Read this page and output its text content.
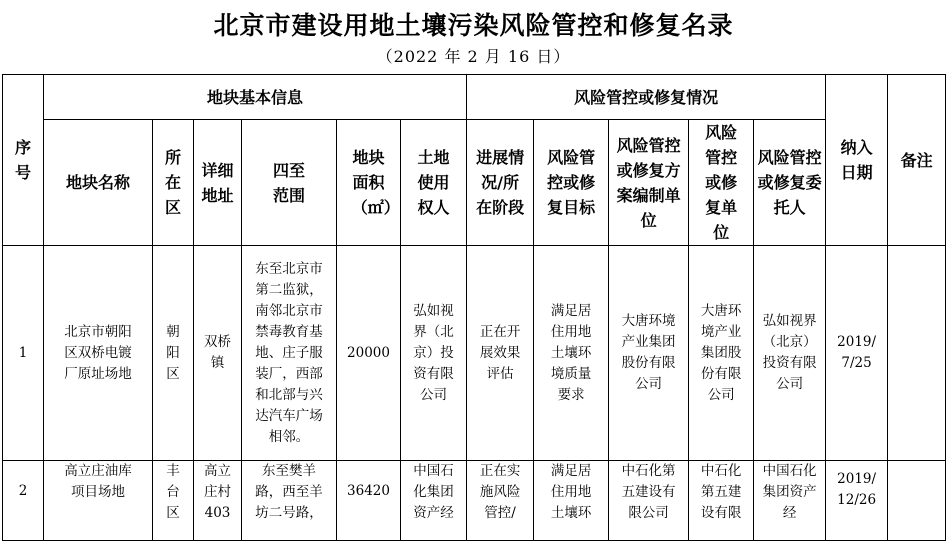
北京市建设用地土壤污染风险管控和修复名录
（2022 年 2 月 16 日）
序号	地块基本信息						风险管控或修复情况					纳入日期	备注
	地块名称	所在区	详细地址	四至范围	地块面积（㎡）	土地使用权人	进展情况/所在阶段	风险管控或修复目标	风险管控或修复方案编制单位	风险管控或修复单位	风险管控或修复委托人		

1	北京市朝阳区双桥电镀厂原址场地	朝阳区	双桥镇	东至北京市第二监狱，南邻北京市禁毒教育基地、庄子服装厂，西部和北部与兴达汽车广场相邻。	20000	弘如视界（北京）投资有限公司	正在开展效果评估	满足居住用地土壤环境质量要求	大唐环境产业集团股份有限公司	大唐环境产业集团股份有限公司	弘如视界（北京）投资有限公司	2019/7/25	

2	高立庄油库项目场地	丰台区	高立庄村403	东至樊羊路，西至羊坊二号路，	36420	中国石化集团资产经	正在实施风险管控/	满足居住用地土壤环	中石化第五建设有限公司	中石化第五建设有限	中国石化集团资产经	2019/12/26	
